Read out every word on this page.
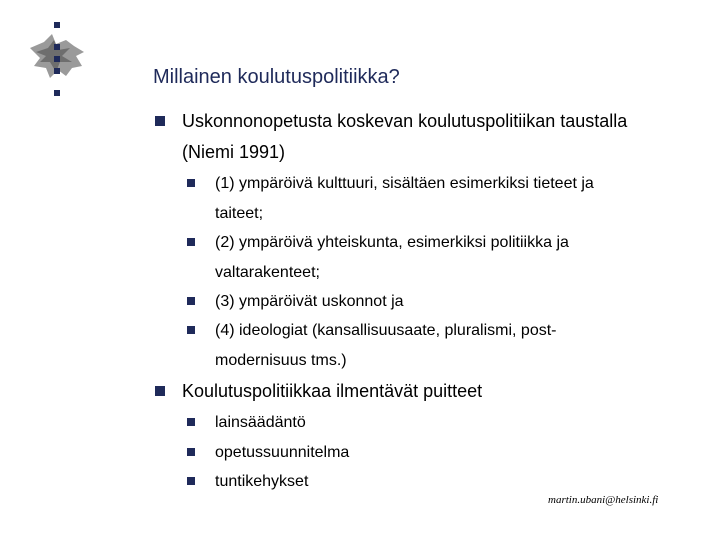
Millainen koulutuspolitiikka?
Uskonnonopetusta koskevan koulutuspolitiikan taustalla
(Niemi 1991)
(1) ympäröivä kulttuuri, sisältäen esimerkiksi tieteet ja
taiteet;
(2) ympäröivä yhteiskunta, esimerkiksi politiikka ja
valtarakenteet;
(3) ympäröivät uskonnot ja
(4) ideologiat (kansallisuusaate, pluralismi, post-
modernisuus tms.)
Koulutuspolitiikkaa ilmentävät puitteet
lainsäädäntö
opetussuunnitelma
tuntikehykset
martin.ubani@helsinki.fi
